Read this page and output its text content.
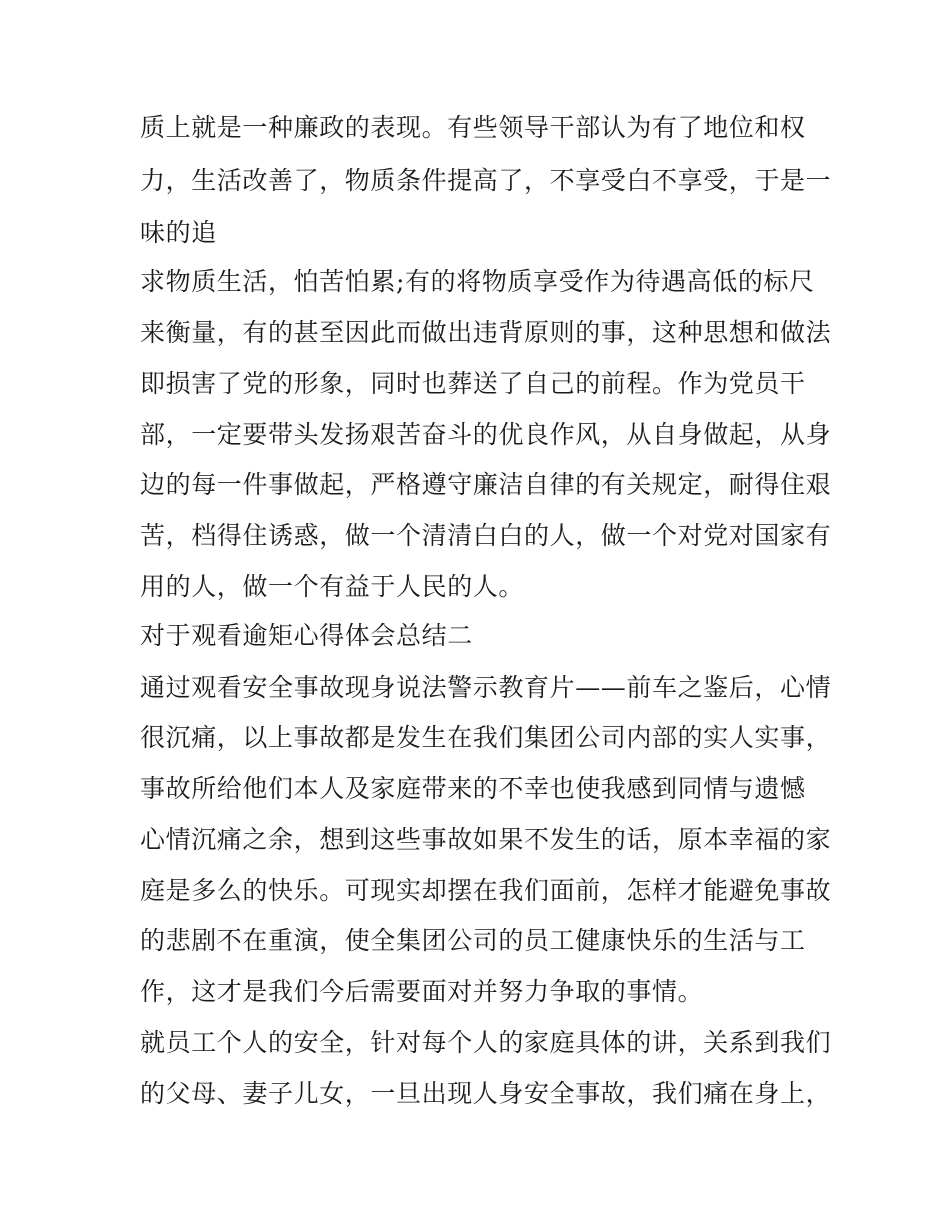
质上就是一种廉政的表现。有些领导干部认为有了地位和权
力，生活改善了，物质条件提高了，不享受白不享受，于是一
味的追
求物质生活，怕苦怕累;有的将物质享受作为待遇高低的标尺
来衡量，有的甚至因此而做出违背原则的事，这种思想和做法
即损害了党的形象，同时也葬送了自己的前程。作为党员干
部，一定要带头发扬艰苦奋斗的优良作风，从自身做起，从身
边的每一件事做起，严格遵守廉洁自律的有关规定，耐得住艰
苦，档得住诱惑，做一个清清白白的人，做一个对党对国家有
用的人，做一个有益于人民的人。
对于观看逾矩心得体会总结二
通过观看安全事故现身说法警示教育片——前车之鉴后，心情
很沉痛，以上事故都是发生在我们集团公司内部的实人实事，
事故所给他们本人及家庭带来的不幸也使我感到同情与遗憾
心情沉痛之余，想到这些事故如果不发生的话，原本幸福的家
庭是多么的快乐。可现实却摆在我们面前，怎样才能避免事故
的悲剧不在重演，使全集团公司的员工健康快乐的生活与工
作，这才是我们今后需要面对并努力争取的事情。
就员工个人的安全，针对每个人的家庭具体的讲，关系到我们
的父母、妻子儿女，一旦出现人身安全事故，我们痛在身上，
